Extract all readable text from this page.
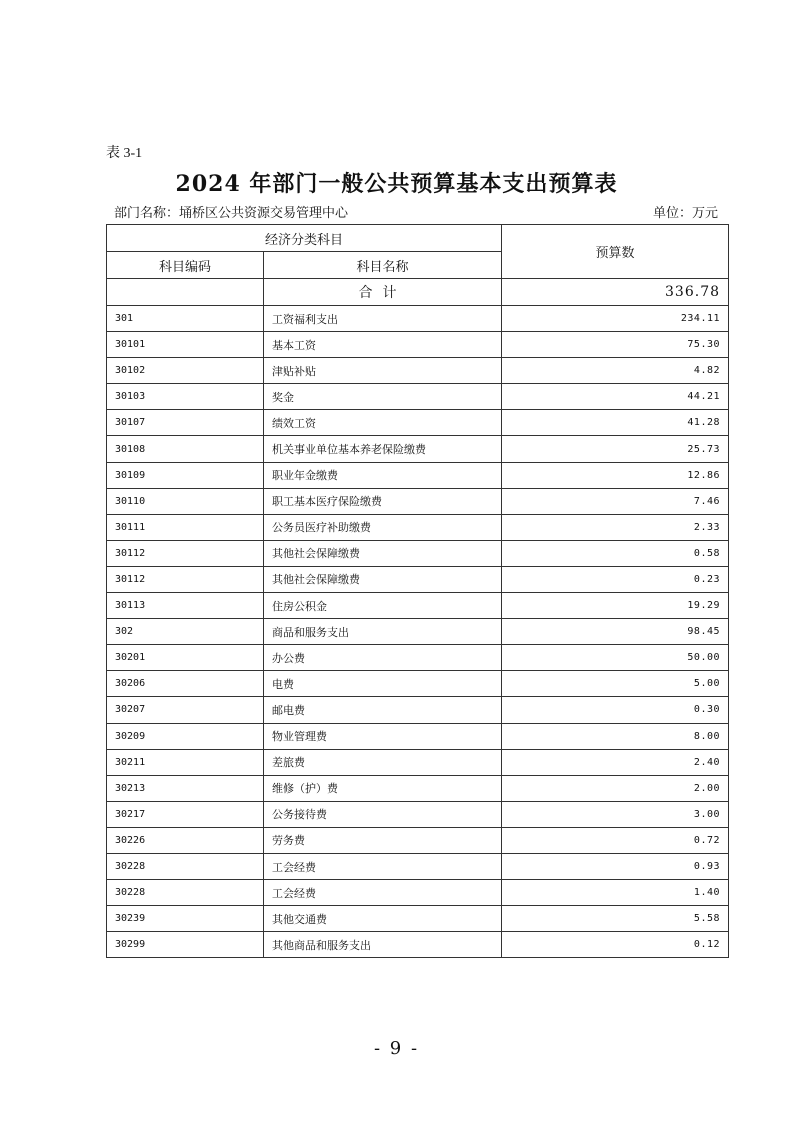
表 3-1
2024 年部门一般公共预算基本支出预算表
部门名称：埇桥区公共资源交易管理中心	单位：万元
经济分类科目		预算数
科目编码	科目名称	
	合计	336.78
301	工资福利支出	234.11
30101	基本工资	75.30
30102	津贴补贴	4.82
30103	奖金	44.21
30107	绩效工资	41.28
30108	机关事业单位基本养老保险缴费	25.73
30109	职业年金缴费	12.86
30110	职工基本医疗保险缴费	7.46
30111	公务员医疗补助缴费	2.33
30112	其他社会保障缴费	0.58
30112	其他社会保障缴费	0.23
30113	住房公积金	19.29
302	商品和服务支出	98.45
30201	办公费	50.00
30206	电费	5.00
30207	邮电费	0.30
30209	物业管理费	8.00
30211	差旅费	2.40
30213	维修（护）费	2.00
30217	公务接待费	3.00
30226	劳务费	0.72
30228	工会经费	0.93
30228	工会经费	1.40
30239	其他交通费	5.58
30299	其他商品和服务支出	0.12
- 9 -
